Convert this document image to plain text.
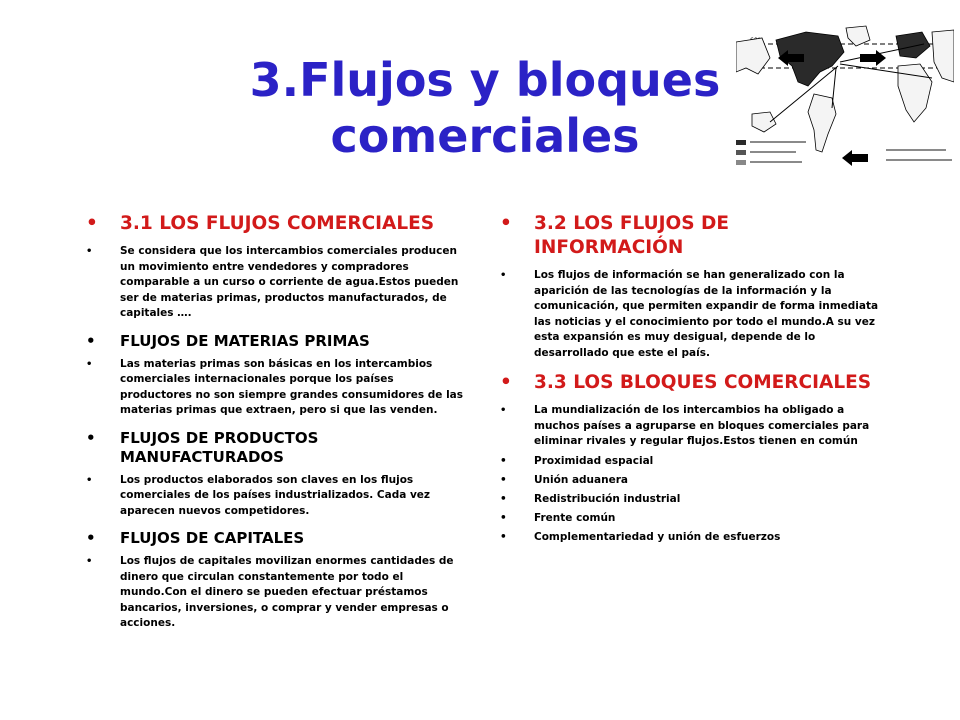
3.Flujos y bloques
comerciales
• 3.1 LOS FLUJOS COMERCIALES
•	Se considera que los intercambios comerciales producen un movimiento entre vendedores y compradores comparable a un curso o corriente de agua.Estos pueden ser de materias primas, productos manufacturados, de capitales ….
• FLUJOS DE MATERIAS PRIMAS
•	Las materias primas son básicas en los intercambios comerciales internacionales porque los países productores no son siempre grandes consumidores de las materias primas que extraen, pero si que las venden.
• FLUJOS DE PRODUCTOS MANUFACTURADOS
•	Los productos elaborados son claves en los flujos comerciales de los países industrializados. Cada vez aparecen nuevos competidores.
• FLUJOS DE CAPITALES
•	Los flujos de capitales movilizan enormes cantidades de dinero que circulan constantemente por todo el mundo.Con el dinero se pueden efectuar préstamos bancarios, inversiones, o comprar y vender empresas o acciones.
• 3.2 LOS FLUJOS DE INFORMACIÓN
•	Los flujos de información se han generalizado con la aparición de las tecnologías de la información y la comunicación, que permiten expandir de forma inmediata las noticias y el conocimiento por todo el mundo.A su vez esta expansión es muy desigual, depende de lo desarrollado que este el país.
• 3.3 LOS BLOQUES COMERCIALES
•	La mundialización de los intercambios ha obligado a muchos países a agruparse en bloques comerciales para eliminar rivales y regular flujos.Estos tienen en común
•	Proximidad espacial
•	Unión aduanera
•	Redistribución industrial
•	Frente común
•	Complementariedad y unión de esfuerzos
